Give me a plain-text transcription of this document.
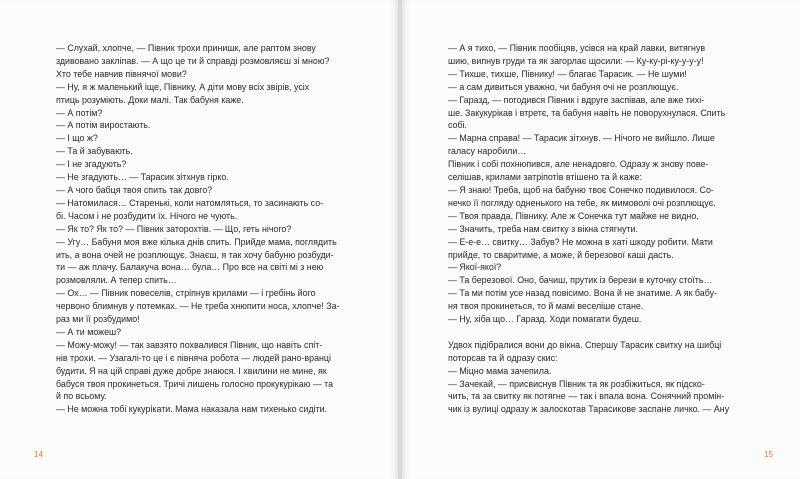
— Слухай, хлопче, — Півник трохи принишк, але раптом знову
здивовано закліпав. — А що це ти й справді розмовляєш зі мною?
Хто тебе навчив півнячої мови?
— Ну, я ж маленький іще, Півнику. А діти мову всіх звірів, усіх
птиць розуміють. Доки малі. Так бабуня каже.
— А потім?
— А потім виростають.
— І що ж?
— Та й забувають.
— І не згадують?
— Не згадують… — Тарасик зітхнув гірко.
— А чого бабця твоя спить так довго?
— Натомилася… Старенькі, коли натомляться, то засинають со-
бі. Часом і не розбудити їх. Нічого не чують.
— Як то? Як то? — Півник заторохтів. — Що, геть нічого?
— Угу… Бабуня моя вже кілька днів спить. Прийде мама, поглядить
ить, а вона очей не розплющує. Знаєш, я так хочу бабуню розбуди-
ти — аж плачу. Балакуча вона… була… Про все на світі мі з нею
розмовляли. А тепер спить…
— Ох… — Півник повеселів, стріпнув крилами — і гребінь його
червоно блимнув у потемках. — Не треба хнюпити носа, хлопче! За-
раз ми її розбудимо!
— А ти можеш?
— Можу-можу! — так завзято похвалився Півник, що навіть спіт-
нів трохи. — Узагалі-то це і є півнячa робота — людей рано-вранці
будити. Я на цій справі дуже добре знаюся. І хвилини не мине, як
бабуся твоя прокинеться. Тричі лишень голосно прокукурікаю — та
й по всьому.
— Не можна тобі кукурікати. Мама наказала нам тихенько сидіти.
14
— А я тихо, — Півник пообіцяв, усівся на край лавки, витягнув
шию, випнув груди та як загорлає щосили: — Ку-ку-рі-ку-у-у-у!
— Тихше, тихше, Півнику! — благає Тарасик. — Не шуми!
— а сам дивиться уважно, чи бабуня очі не розплющує.
— Гаразд, — погодився Півник і вдруге заспівав, але вже тихі-
ше. Закукурікав і втретє, та бабуня навіть не поворухнулася. Спить
собі.
— Марна справа! — Тарасик зітхнув. — Нічого не вийшло. Лише
галасу наробили…
Півник і собі похнюпився, але ненадовго. Одразу ж знову пове-
селішав, крилами затріпотів втішено та й каже:
— Я знаю! Треба, щоб на бабуню твоє Сонечко подивилося. Со-
нечко її погляду одненького на тебе, як мимоволі очі розплющує.
— Твоя правда, Півнику. Але ж Сонечка тут майже не видно.
— Значить, треба нам свитку з вікна стягнути.
— Е-е-е… свитку… Забув? Не можна в хаті шкоду робити. Мати
прийде, то сваритиме, а може, й березової каші дасть.
— Якої-якої?
— Та березової. Оно, бачиш, прутик із берези в куточку стоїть…
— Та ми потім усе назад повісимо. Вона й не знатиме. А як бабу-
ня твоя прокинеться, то й мамі веселіше стане.
— Ну, хіба що… Гаразд. Ходи помагати будеш.
Удвох підібралися вони до вікна. Спершу Тарасик свитку на шибці
поторсав та й одразу скис:
— Міцно мама зачепила.
— Зачекай, — присвиснув Півник та як розбіжиться, як підско-
чить, та за свитку як потягне — так і впала вона. Сонячний промін-
чик із вулиці одразу ж залоскотав Тарасикове заспане личко. — Ану
15
